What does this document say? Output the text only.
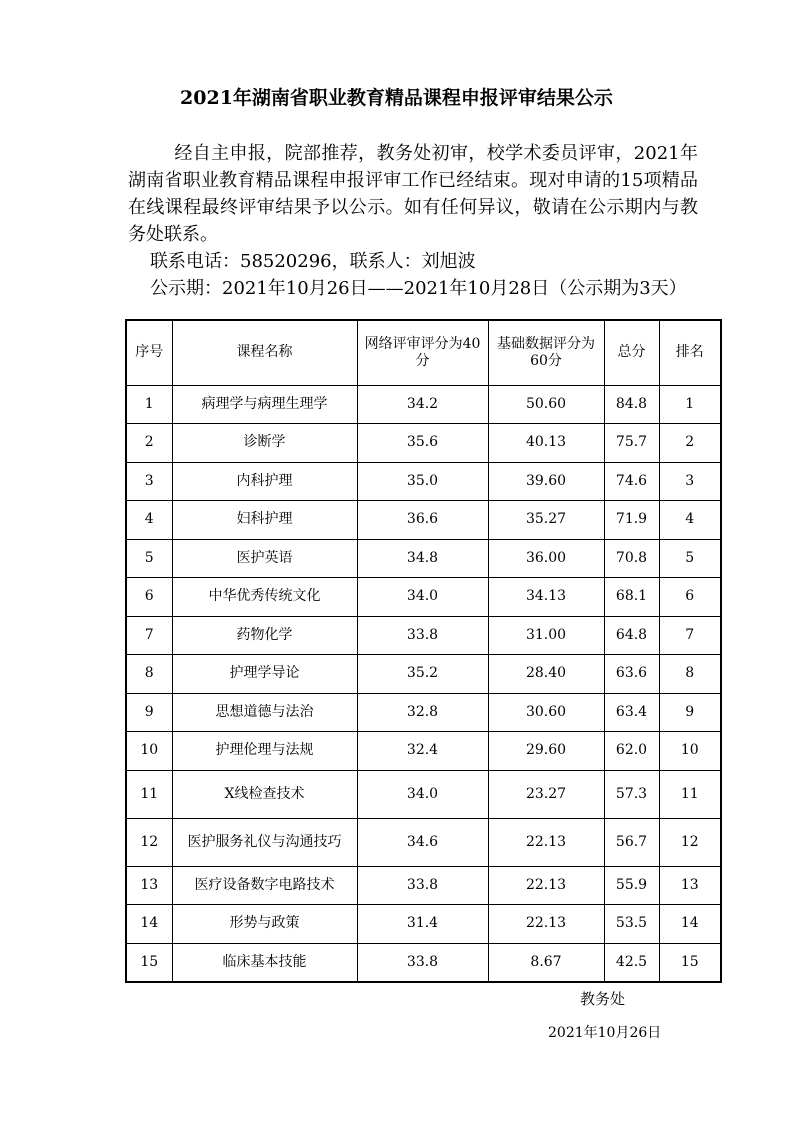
2021年湖南省职业教育精品课程申报评审结果公示

经自主申报，院部推荐，教务处初审，校学术委员评审，2021年湖南省职业教育精品课程申报评审工作已经结束。现对申请的15项精品在线课程最终评审结果予以公示。如有任何异议，敬请在公示期内与教务处联系。

联系电话：58520296，联系人：刘旭波

公示期：2021年10月26日——2021年10月28日（公示期为3天）

序号	课程名称	网络评审评分为40分	基础数据评分为60分	总分	排名
1	病理学与病理生理学	34.2	50.60	84.8	1
2	诊断学	35.6	40.13	75.7	2
3	内科护理	35.0	39.60	74.6	3
4	妇科护理	36.6	35.27	71.9	4
5	医护英语	34.8	36.00	70.8	5
6	中华优秀传统文化	34.0	34.13	68.1	6
7	药物化学	33.8	31.00	64.8	7
8	护理学导论	35.2	28.40	63.6	8
9	思想道德与法治	32.8	30.60	63.4	9
10	护理伦理与法规	32.4	29.60	62.0	10
11	X线检查技术	34.0	23.27	57.3	11
12	医护服务礼仪与沟通技巧	34.6	22.13	56.7	12
13	医疗设备数字电路技术	33.8	22.13	55.9	13
14	形势与政策	31.4	22.13	53.5	14
15	临床基本技能	33.8	8.67	42.5	15
教务处
2021年10月26日
